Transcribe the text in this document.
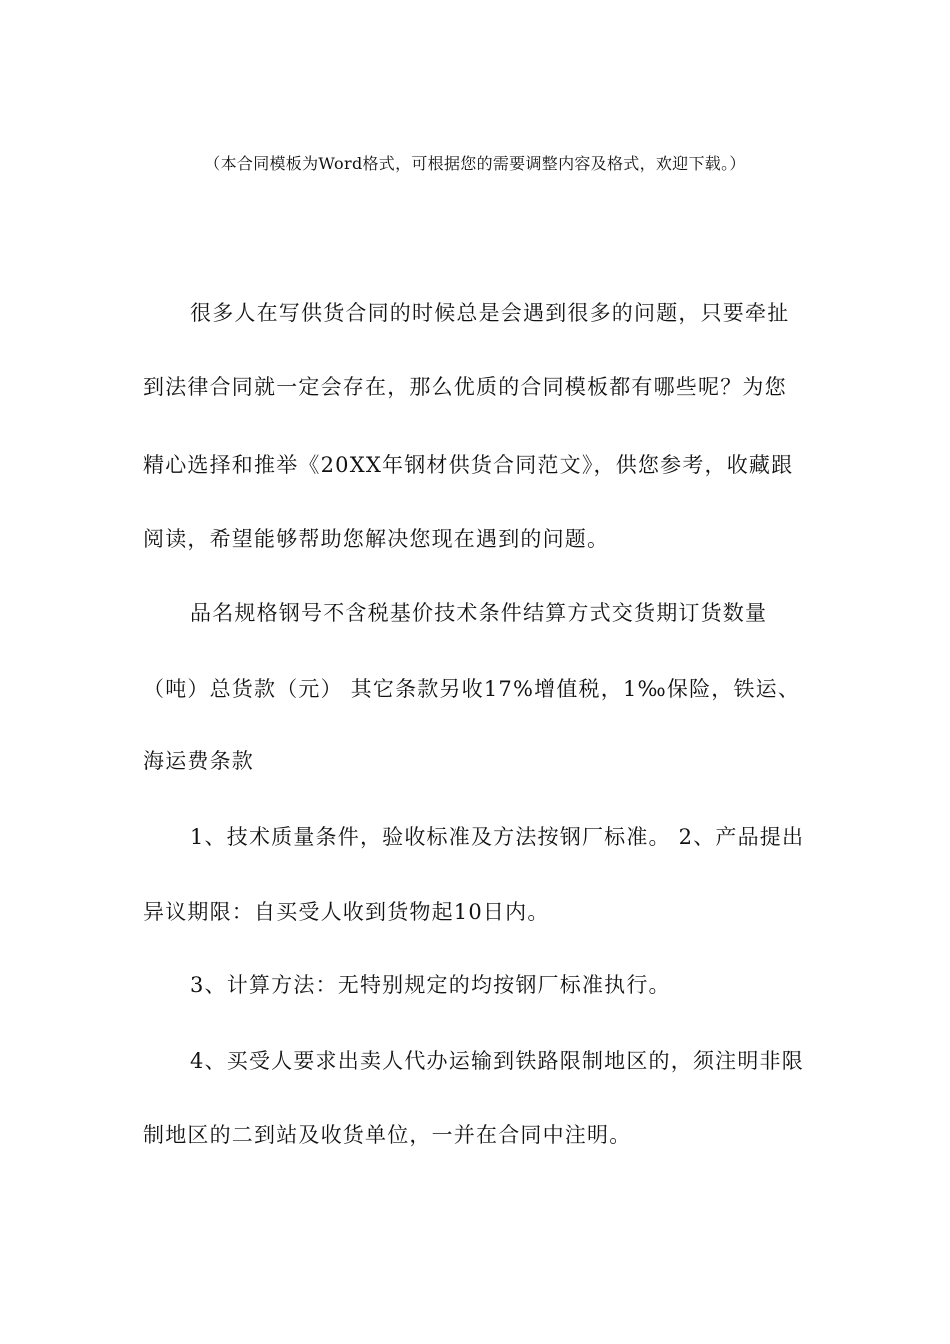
（本合同模板为Word格式，可根据您的需要调整内容及格式，欢迎下载。）
很多人在写供货合同的时候总是会遇到很多的问题，只要牵扯
到法律合同就一定会存在，那么优质的合同模板都有哪些呢？为您
精心选择和推举《20XX年钢材供货合同范文》，供您参考，收藏跟
阅读，希望能够帮助您解决您现在遇到的问题。
品名规格钢号不含税基价技术条件结算方式交货期订货数量
（吨）总货款（元） 其它条款另收17%增值税，1‰保险，铁运、
海运费条款
1、技术质量条件，验收标准及方法按钢厂标准。 2、产品提出
异议期限：自买受人收到货物起10日内。
3、计算方法：无特别规定的均按钢厂标准执行。
4、买受人要求出卖人代办运输到铁路限制地区的，须注明非限
制地区的二到站及收货单位，一并在合同中注明。
